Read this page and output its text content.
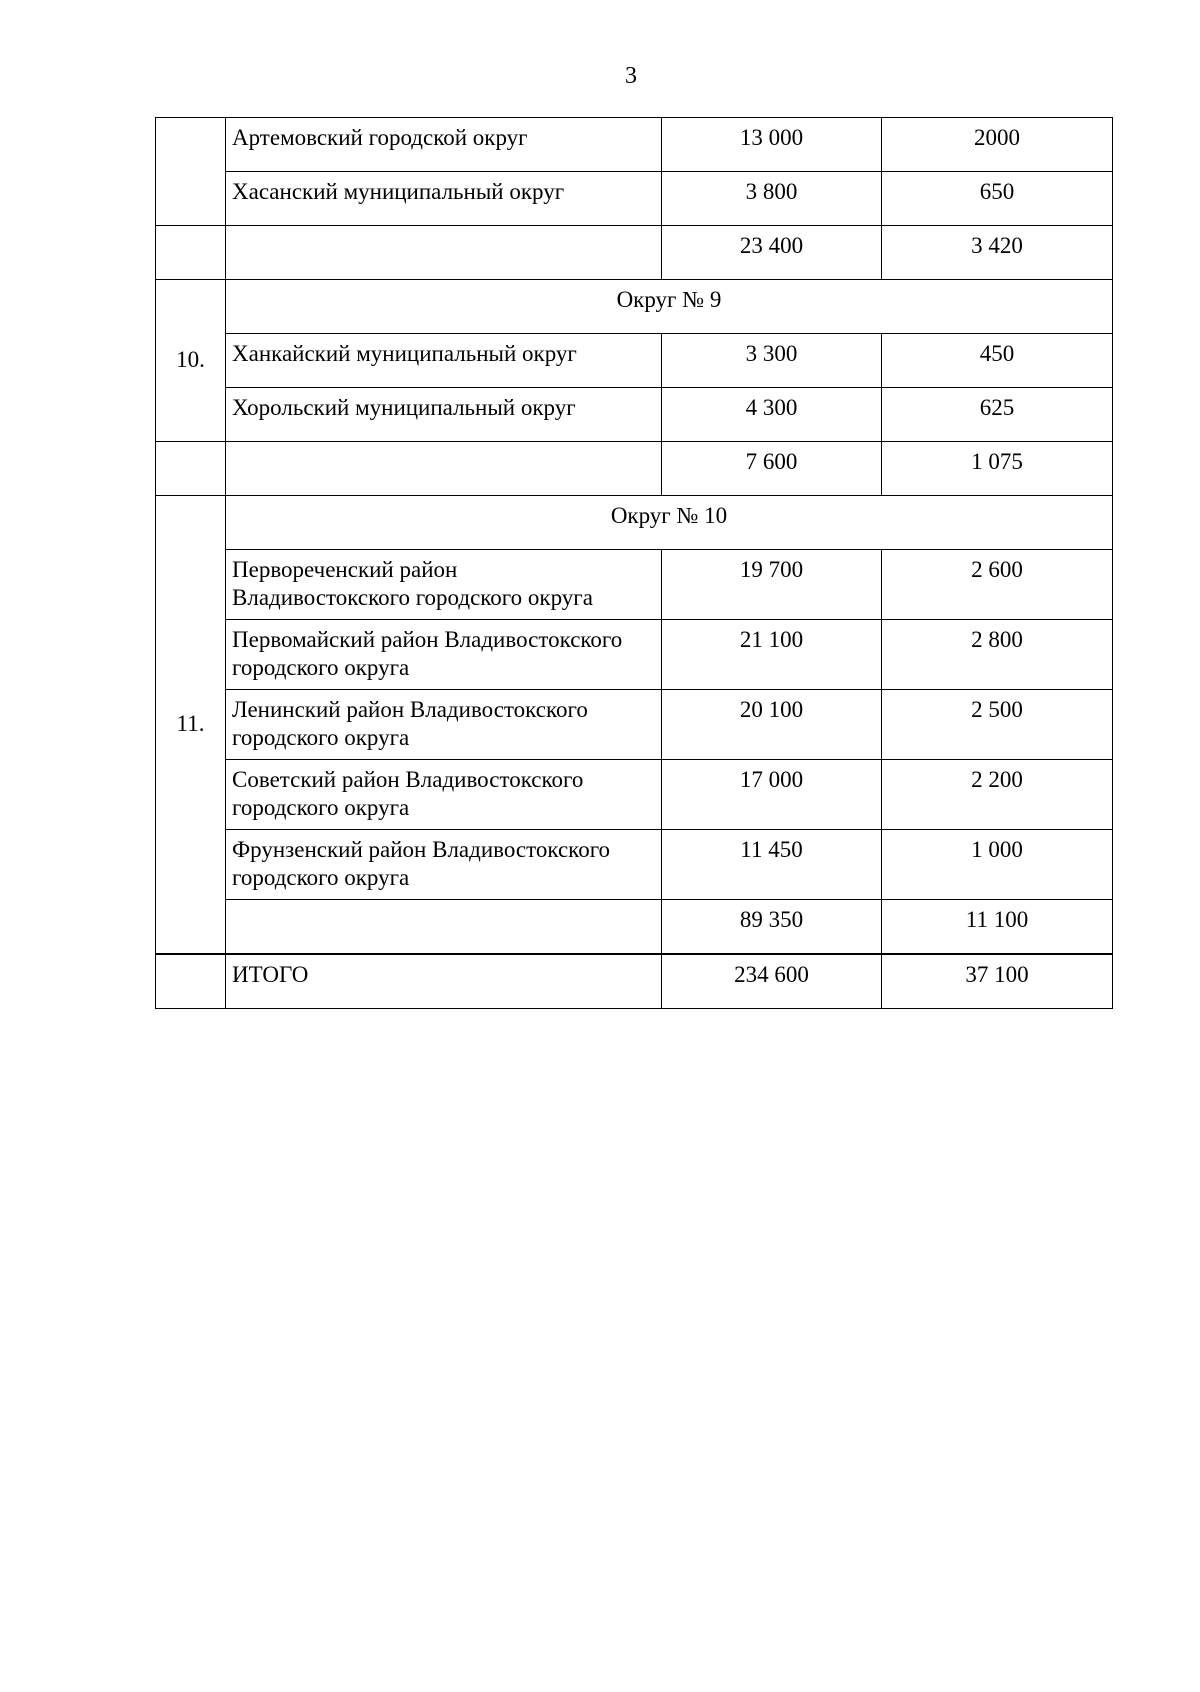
3
	Артемовский городской округ	13 000	2000
	Хасанский муниципальный округ	3 800	650
		23 400	3 420
10.	Округ № 9		
	Ханкайский муниципальный округ	3 300	450
	Хорольский муниципальный округ	4 300	625
		7 600	1 075
11.	Округ № 10		
	Первореченский район
Владивостокского городского округа	19 700	2 600
	Первомайский район Владивостокского
городского округа	21 100	2 800
	Ленинский район Владивостокского
городского округа	20 100	2 500
	Советский район Владивостокского
городского округа	17 000	2 200
	Фрунзенский район Владивостокского
городского округа	11 450	1 000
		89 350	11 100
	ИТОГО	234 600	37 100
